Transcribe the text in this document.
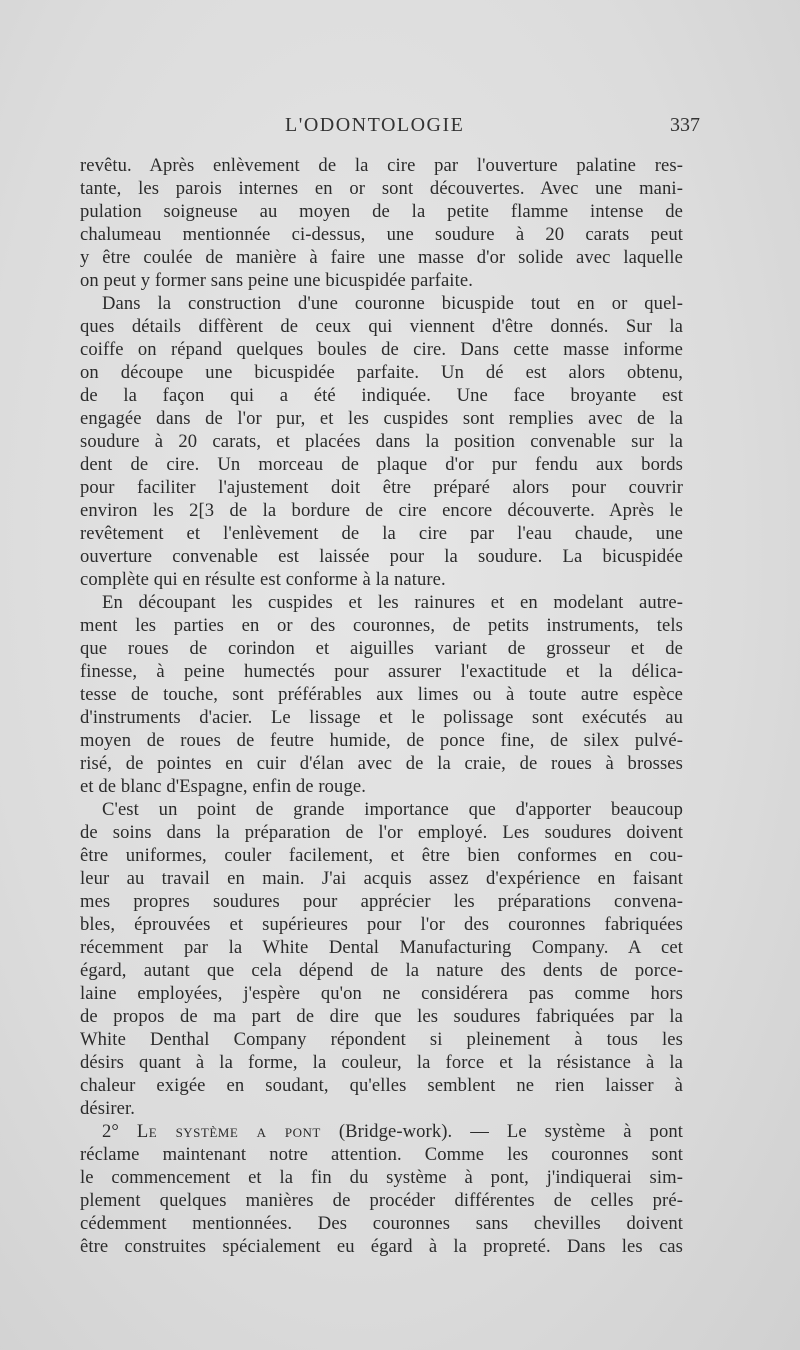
L'ODONTOLOGIE	337
revêtu. Après enlèvement de la cire par l'ouverture palatine res-
tante, les parois internes en or sont découvertes. Avec une mani-
pulation soigneuse au moyen de la petite flamme intense de
chalumeau mentionnée ci-dessus, une soudure à 20 carats peut
y être coulée de manière à faire une masse d'or solide avec laquelle
on peut y former sans peine une bicuspidée parfaite.
Dans la construction d'une couronne bicuspide tout en or quel-
ques détails diffèrent de ceux qui viennent d'être donnés. Sur la
coiffe on répand quelques boules de cire. Dans cette masse informe
on découpe une bicuspidée parfaite. Un dé est alors obtenu,
de la façon qui a été indiquée. Une face broyante est
engagée dans de l'or pur, et les cuspides sont remplies avec de la
soudure à 20 carats, et placées dans la position convenable sur la
dent de cire. Un morceau de plaque d'or pur fendu aux bords
pour faciliter l'ajustement doit être préparé alors pour couvrir
environ les 2[3 de la bordure de cire encore découverte. Après le
revêtement et l'enlèvement de la cire par l'eau chaude, une
ouverture convenable est laissée pour la soudure. La bicuspidée
complète qui en résulte est conforme à la nature.
En découpant les cuspides et les rainures et en modelant autre-
ment les parties en or des couronnes, de petits instruments, tels
que roues de corindon et aiguilles variant de grosseur et de
finesse, à peine humectés pour assurer l'exactitude et la délica-
tesse de touche, sont préférables aux limes ou à toute autre espèce
d'instruments d'acier. Le lissage et le polissage sont exécutés au
moyen de roues de feutre humide, de ponce fine, de silex pulvé-
risé, de pointes en cuir d'élan avec de la craie, de roues à brosses
et de blanc d'Espagne, enfin de rouge.
C'est un point de grande importance que d'apporter beaucoup
de soins dans la préparation de l'or employé. Les soudures doivent
être uniformes, couler facilement, et être bien conformes en cou-
leur au travail en main. J'ai acquis assez d'expérience en faisant
mes propres soudures pour apprécier les préparations convena-
bles, éprouvées et supérieures pour l'or des couronnes fabriquées
récemment par la White Dental Manufacturing Company. A cet
égard, autant que cela dépend de la nature des dents de porce-
laine employées, j'espère qu'on ne considérera pas comme hors
de propos de ma part de dire que les soudures fabriquées par la
White Denthal Company répondent si pleinement à tous les
désirs quant à la forme, la couleur, la force et la résistance à la
chaleur exigée en soudant, qu'elles semblent ne rien laisser à
désirer.
2° Le système a pont (Bridge-work). — Le système à pont
réclame maintenant notre attention. Comme les couronnes sont
le commencement et la fin du système à pont, j'indiquerai sim-
plement quelques manières de procéder différentes de celles pré-
cédemment mentionnées. Des couronnes sans chevilles doivent
être construites spécialement eu égard à la propreté. Dans les cas
